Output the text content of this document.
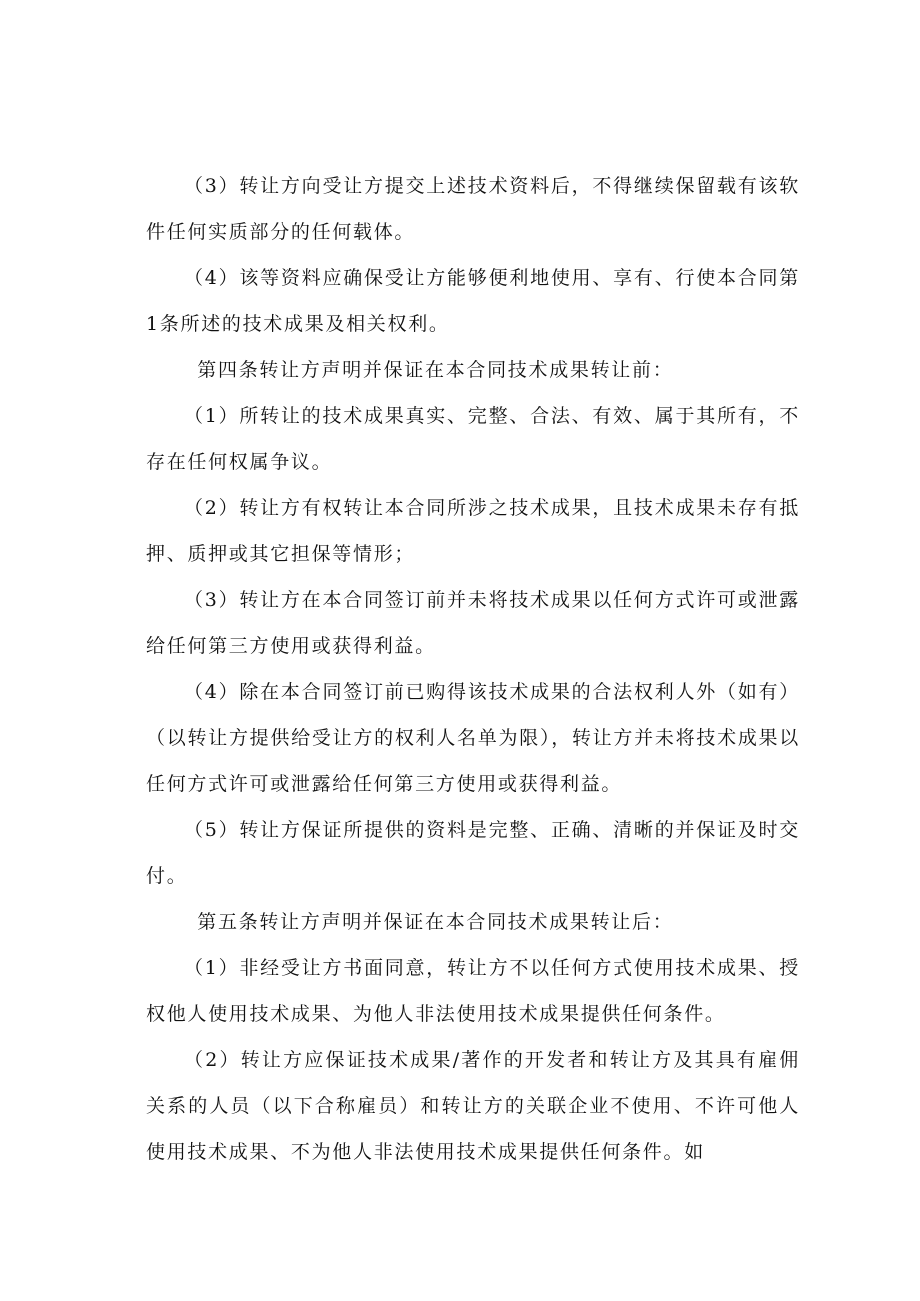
（3）转让方向受让方提交上述技术资料后，不得继续保留载有该软件任何实质部分的任何载体。

（4）该等资料应确保受让方能够便利地使用、享有、行使本合同第1条所述的技术成果及相关权利。

第四条转让方声明并保证在本合同技术成果转让前：

（1）所转让的技术成果真实、完整、合法、有效、属于其所有，不存在任何权属争议。

（2）转让方有权转让本合同所涉之技术成果，且技术成果未存有抵押、质押或其它担保等情形；

（3）转让方在本合同签订前并未将技术成果以任何方式许可或泄露给任何第三方使用或获得利益。

（4）除在本合同签订前已购得该技术成果的合法权利人外（如有）（以转让方提供给受让方的权利人名单为限），转让方并未将技术成果以任何方式许可或泄露给任何第三方使用或获得利益。

（5）转让方保证所提供的资料是完整、正确、清晰的并保证及时交付。

第五条转让方声明并保证在本合同技术成果转让后：

（1）非经受让方书面同意，转让方不以任何方式使用技术成果、授权他人使用技术成果、为他人非法使用技术成果提供任何条件。

（2）转让方应保证技术成果/著作的开发者和转让方及其具有雇佣关系的人员（以下合称雇员）和转让方的关联企业不使用、不许可他人使用技术成果、不为他人非法使用技术成果提供任何条件。如
